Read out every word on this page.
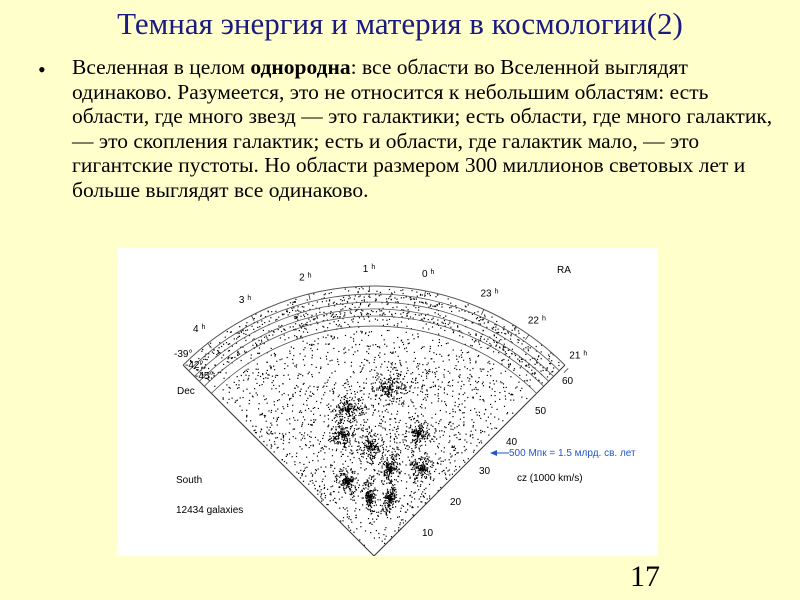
Темная энергия и материя в космологии(2)
• Вселенная в целом однородна: все области во Вселенной выглядят одинаково. Разумеется, это не относится к небольшим областям: есть области, где много звезд — это галактики; есть области, где много галактик, — это скопления галактик; есть и области, где галактик мало, — это гигантские пустоты. Но области размером 300 миллионов световых лет и больше выглядят все одинаково.
4 $^h$
3 $^h$
2 $^h$
1 $^h$
0 $^h$
23 $^h$
22 $^h$
21 $^h$
RA
-39°
-42°
-45°
Dec
60
50
40
30
20
10
cz (1000 km/s)
500 Мпк = 1.5 млрд. св. лет
South
12434 galaxies
17
